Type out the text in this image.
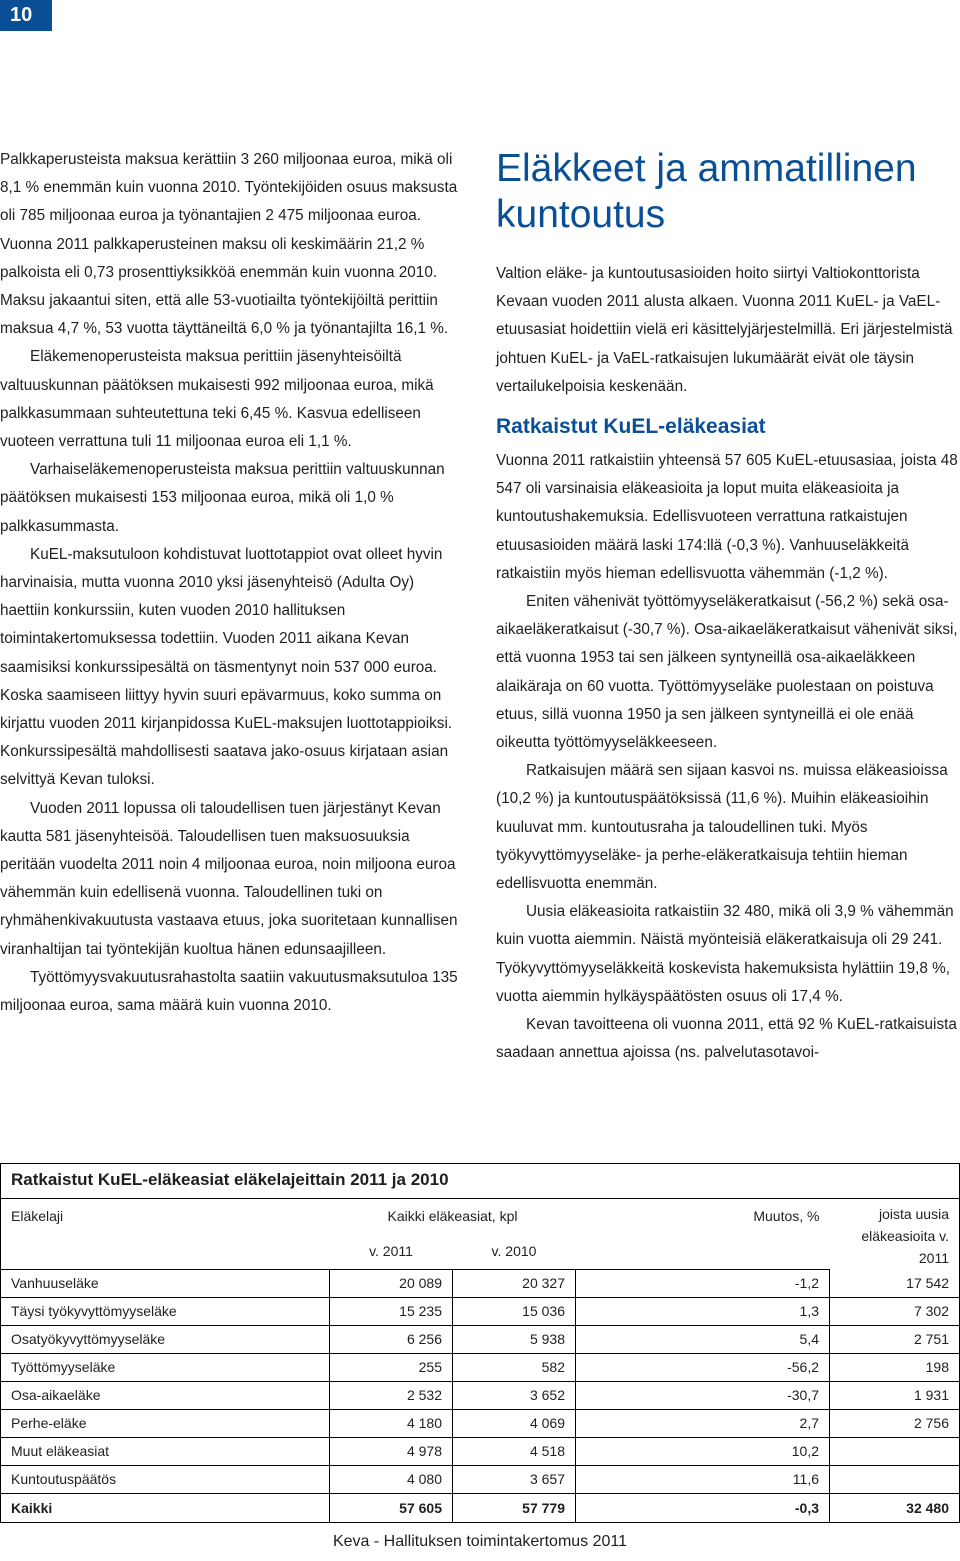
10

Palkkaperusteista maksua kerättiin 3 260 miljoonaa euroa, mikä oli 8,1 % enemmän kuin vuonna 2010. Työntekijöiden osuus maksusta oli 785 miljoonaa euroa ja työnantajien 2 475 miljoonaa euroa. Vuonna 2011 palkkaperusteinen maksu oli keskimäärin 21,2 % palkoista eli 0,73 prosenttiyksikköä enemmän kuin vuonna 2010. Maksu jakaantui siten, että alle 53-vuotiailta työntekijöiltä perittiin maksua 4,7 %, 53 vuotta täyttäneiltä 6,0 % ja työnantajilta 16,1 %.

Eläkemenoperusteista maksua perittiin jäsenyhteisöiltä valtuuskunnan päätöksen mukaisesti 992 miljoonaa euroa, mikä palkkasummaan suhteutettuna teki 6,45 %. Kasvua edelliseen vuoteen verrattuna tuli 11 miljoonaa euroa eli 1,1 %.

Varhaiseläkemenoperusteista maksua perittiin valtuuskunnan päätöksen mukaisesti 153 miljoonaa euroa, mikä oli 1,0 % palkkasummasta.

KuEL-maksutuloon kohdistuvat luottotappiot ovat olleet hyvin harvinaisia, mutta vuonna 2010 yksi jäsenyhteisö (Adulta Oy) haettiin konkurssiin, kuten vuoden 2010 hallituksen toimintakertomuksessa todettiin. Vuoden 2011 aikana Kevan saamisiksi konkurssipesältä on täsmentynyt noin 537 000 euroa. Koska saamiseen liittyy hyvin suuri epävarmuus, koko summa on kirjattu vuoden 2011 kirjanpidossa KuEL-maksujen luottotappioiksi. Konkurssipesältä mahdollisesti saatava jako-osuus kirjataan asian selvittyä Kevan tuloksi.

Vuoden 2011 lopussa oli taloudellisen tuen järjestänyt Kevan kautta 581 jäsenyhteisöä. Taloudellisen tuen maksuosuuksia peritään vuodelta 2011 noin 4 miljoonaa euroa, noin miljoona euroa vähemmän kuin edellisenä vuonna. Taloudellinen tuki on ryhmähenkivakuutusta vastaava etuus, joka suoritetaan kunnallisen viranhaltijan tai työntekijän kuoltua hänen edunsaajilleen.

Työttömyysvakuutusrahastolta saatiin vakuutusmaksutuloa 135 miljoonaa euroa, sama määrä kuin vuonna 2010.

Eläkkeet ja ammatillinen kuntoutus

Valtion eläke- ja kuntoutusasioiden hoito siirtyi Valtiokonttorista Kevaan vuoden 2011 alusta alkaen. Vuonna 2011 KuEL- ja VaEL-etuusasiat hoidettiin vielä eri käsittelyjärjestelmillä. Eri järjestelmistä johtuen KuEL- ja VaEL-ratkaisujen lukumäärät eivät ole täysin vertailukelpoisia keskenään.

Ratkaistut KuEL-eläkeasiat

Vuonna 2011 ratkaistiin yhteensä 57 605 KuEL-etuusasiaa, joista 48 547 oli varsinaisia eläkeasioita ja loput muita eläkeasioita ja kuntoutushakemuksia. Edellisvuoteen verrattuna ratkaistujen etuusasioiden määrä laski 174:llä (-0,3 %). Vanhuuseläkkeitä ratkaistiin myös hieman edellisvuotta vähemmän (-1,2 %).

Eniten vähenivät työttömyyseläkeratkaisut (-56,2 %) sekä osa-aikaeläkeratkaisut (-30,7 %). Osa-aikaeläkeratkaisut vähenivät siksi, että vuonna 1953 tai sen jälkeen syntyneillä osa-aikaeläkkeen alaikäraja on 60 vuotta. Työttömyyseläke puolestaan on poistuva etuus, sillä vuonna 1950 ja sen jälkeen syntyneillä ei ole enää oikeutta työttömyyseläkkeeseen.

Ratkaisujen määrä sen sijaan kasvoi ns. muissa eläkeasioissa (10,2 %) ja kuntoutuspäätöksissä (11,6 %). Muihin eläkeasioihin kuuluvat mm. kuntoutusraha ja taloudellinen tuki. Myös työkyvyttömyyseläke- ja perhe-eläkeratkaisuja tehtiin hieman edellisvuotta enemmän.

Uusia eläkeasioita ratkaistiin 32 480, mikä oli 3,9 % vähemmän kuin vuotta aiemmin. Näistä myönteisiä eläkeratkaisuja oli 29 241. Työkyvyttömyyseläkkeitä koskevista hakemuksista hylättiin 19,8 %, vuotta aiemmin hylkäyspäätösten osuus oli 17,4 %.

Kevan tavoitteena oli vuonna 2011, että 92 % KuEL-ratkaisuista saadaan annettua ajoissa (ns. palvelutasotavoi-

Ratkaistut KuEL-eläkeasiat eläkelajeittain 2011 ja 2010
Eläkelaji	Kaikki eläkeasiat, kpl		Muutos, %	joista uusia eläkeasioita v. 2011
	v. 2011	v. 2010		
Vanhuuseläke	20 089	20 327	-1,2	17 542
Täysi työkyvyttömyyseläke	15 235	15 036	1,3	7 302
Osatyökyvyttömyyseläke	6 256	5 938	5,4	2 751
Työttömyyseläke	255	582	-56,2	198
Osa-aikaeläke	2 532	3 652	-30,7	1 931
Perhe-eläke	4 180	4 069	2,7	2 756
Muut eläkeasiat	4 978	4 518	10,2	
Kuntoutuspäätös	4 080	3 657	11,6	
Kaikki	57 605	57 779	-0,3	32 480
Keva - Hallituksen toimintakertomus 2011
